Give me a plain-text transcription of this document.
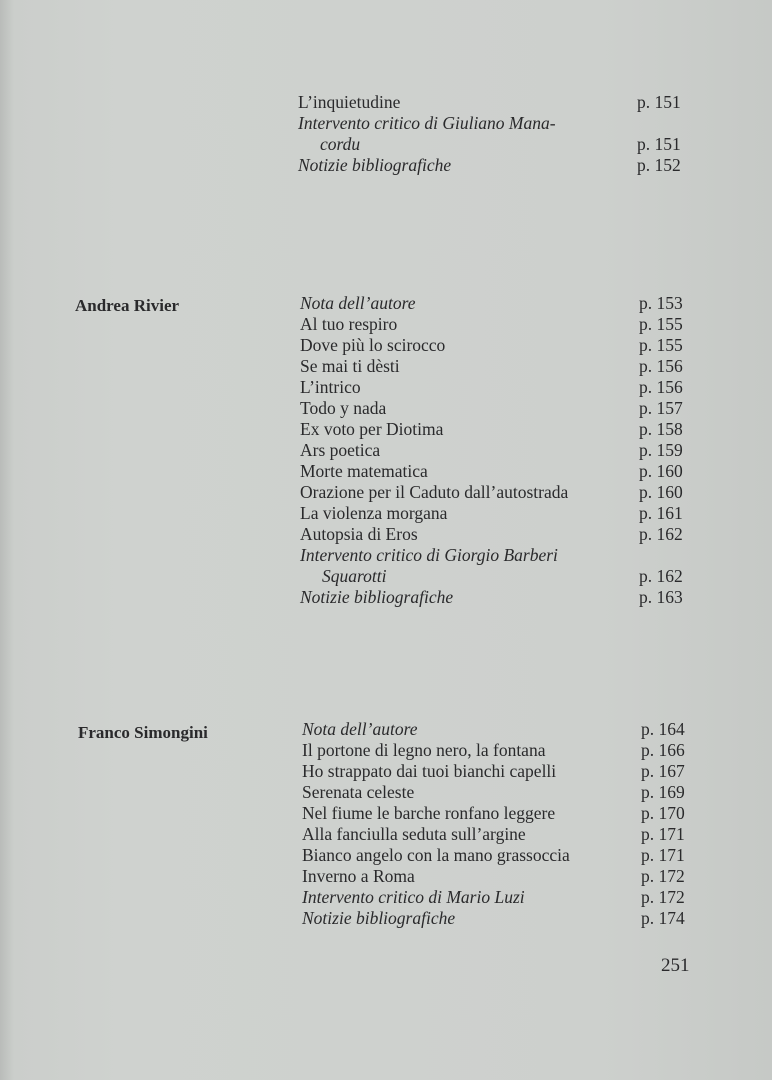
L’inquietudine	p. 151
Intervento critico di Giuliano Mana-
cordu	p. 151
Notizie bibliografiche	p. 152
Andrea Rivier	Nota dell’autore	p. 153
Al tuo respiro	p. 155
Dove più lo scirocco	p. 155
Se mai ti dèsti	p. 156
L’intrico	p. 156
Todo y nada	p. 157
Ex voto per Diotima	p. 158
Ars poetica	p. 159
Morte matematica	p. 160
Orazione per il Caduto dall’autostrada	p. 160
La violenza morgana	p. 161
Autopsia di Eros	p. 162
Intervento critico di Giorgio Barberi
Squarotti	p. 162
Notizie bibliografiche	p. 163
Franco Simongini	Nota dell’autore	p. 164
Il portone di legno nero, la fontana	p. 166
Ho strappato dai tuoi bianchi capelli	p. 167
Serenata celeste	p. 169
Nel fiume le barche ronfano leggere	p. 170
Alla fanciulla seduta sull’argine	p. 171
Bianco angelo con la mano grassoccia	p. 171
Inverno a Roma	p. 172
Intervento critico di Mario Luzi	p. 172
Notizie bibliografiche	p. 174
251
